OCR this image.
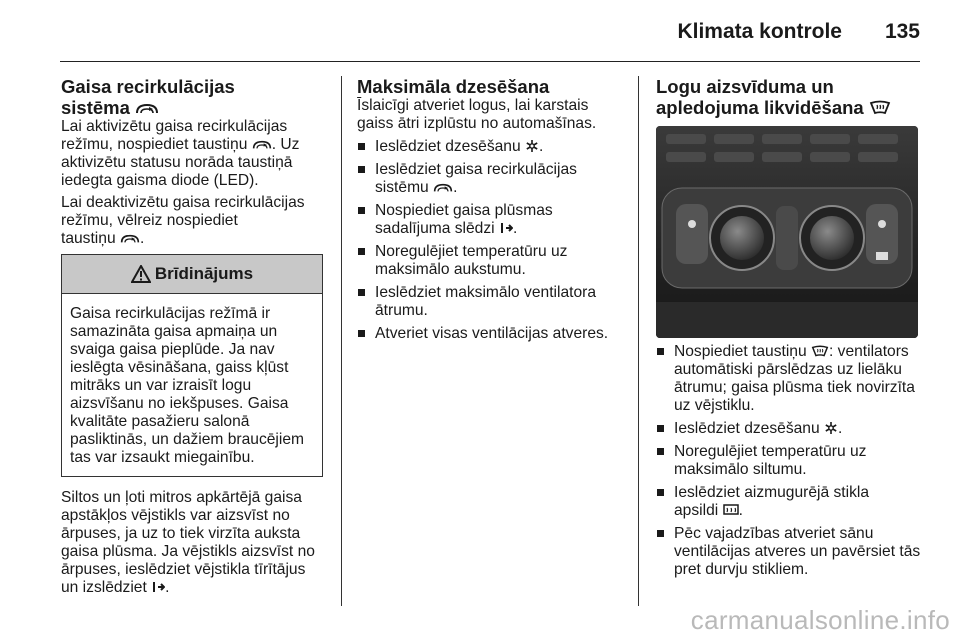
Klimata kontrole 135
Gaisa recirkulācijas
sistēma

Lai aktivizētu gaisa recirkulācijas
režīmu, nospiediet taustiņu . Uz
aktivizētu statusu norāda taustiņā
iedegta gaisma diode (LED).

Lai deaktivizētu gaisa recirkulācijas
režīmu, vēlreiz nospiediet
taustiņu .

Brīdinājums

Gaisa recirkulācijas režīmā ir
samazināta gaisa apmaiņa un
svaiga gaisa pieplūde. Ja nav
ieslēgta vēsināšana, gaiss kļūst
mitrāks un var izraisīt logu
aizsvīšanu no iekšpuses. Gaisa
kvalitāte pasažieru salonā
pasliktinās, un dažiem braucējiem
tas var izsaukt miegainību.

Siltos un ļoti mitros apkārtējā gaisa
apstākļos vējstikls var aizsvīst no
ārpuses, ja uz to tiek virzīta auksta
gaisa plūsma. Ja vējstikls aizsvīst no
ārpuses, ieslēdziet vējstikla tīrītājus
un izslēdziet .

Maksimāla dzesēšana

Īslaicīgi atveriet logus, lai karstais
gaiss ātri izplūstu no automašīnas.

Ieslēdziet dzesēšanu .
Ieslēdziet gaisa recirkulācijas
sistēmu .
Nospiediet gaisa plūsmas
sadalījuma slēdzi .
Noregulējiet temperatūru uz
maksimālo aukstumu.
Ieslēdziet maksimālo ventilatora
ātrumu.
Atveriet visas ventilācijas atveres.
Logu aizsvīduma un
apledojuma likvidēšana
Nospiediet taustiņu : ventilators
automātiski pārslēdzas uz lielāku
ātrumu; gaisa plūsma tiek novirzīta
uz vējstiklu.
Ieslēdziet dzesēšanu .
Noregulējiet temperatūru uz
maksimālo siltumu.
Ieslēdziet aizmugurējā stikla
apsildi .
Pēc vajadzības atveriet sānu
ventilācijas atveres un pavērsiet tās
pret durvju stikliem.
carmanualsonline.info
